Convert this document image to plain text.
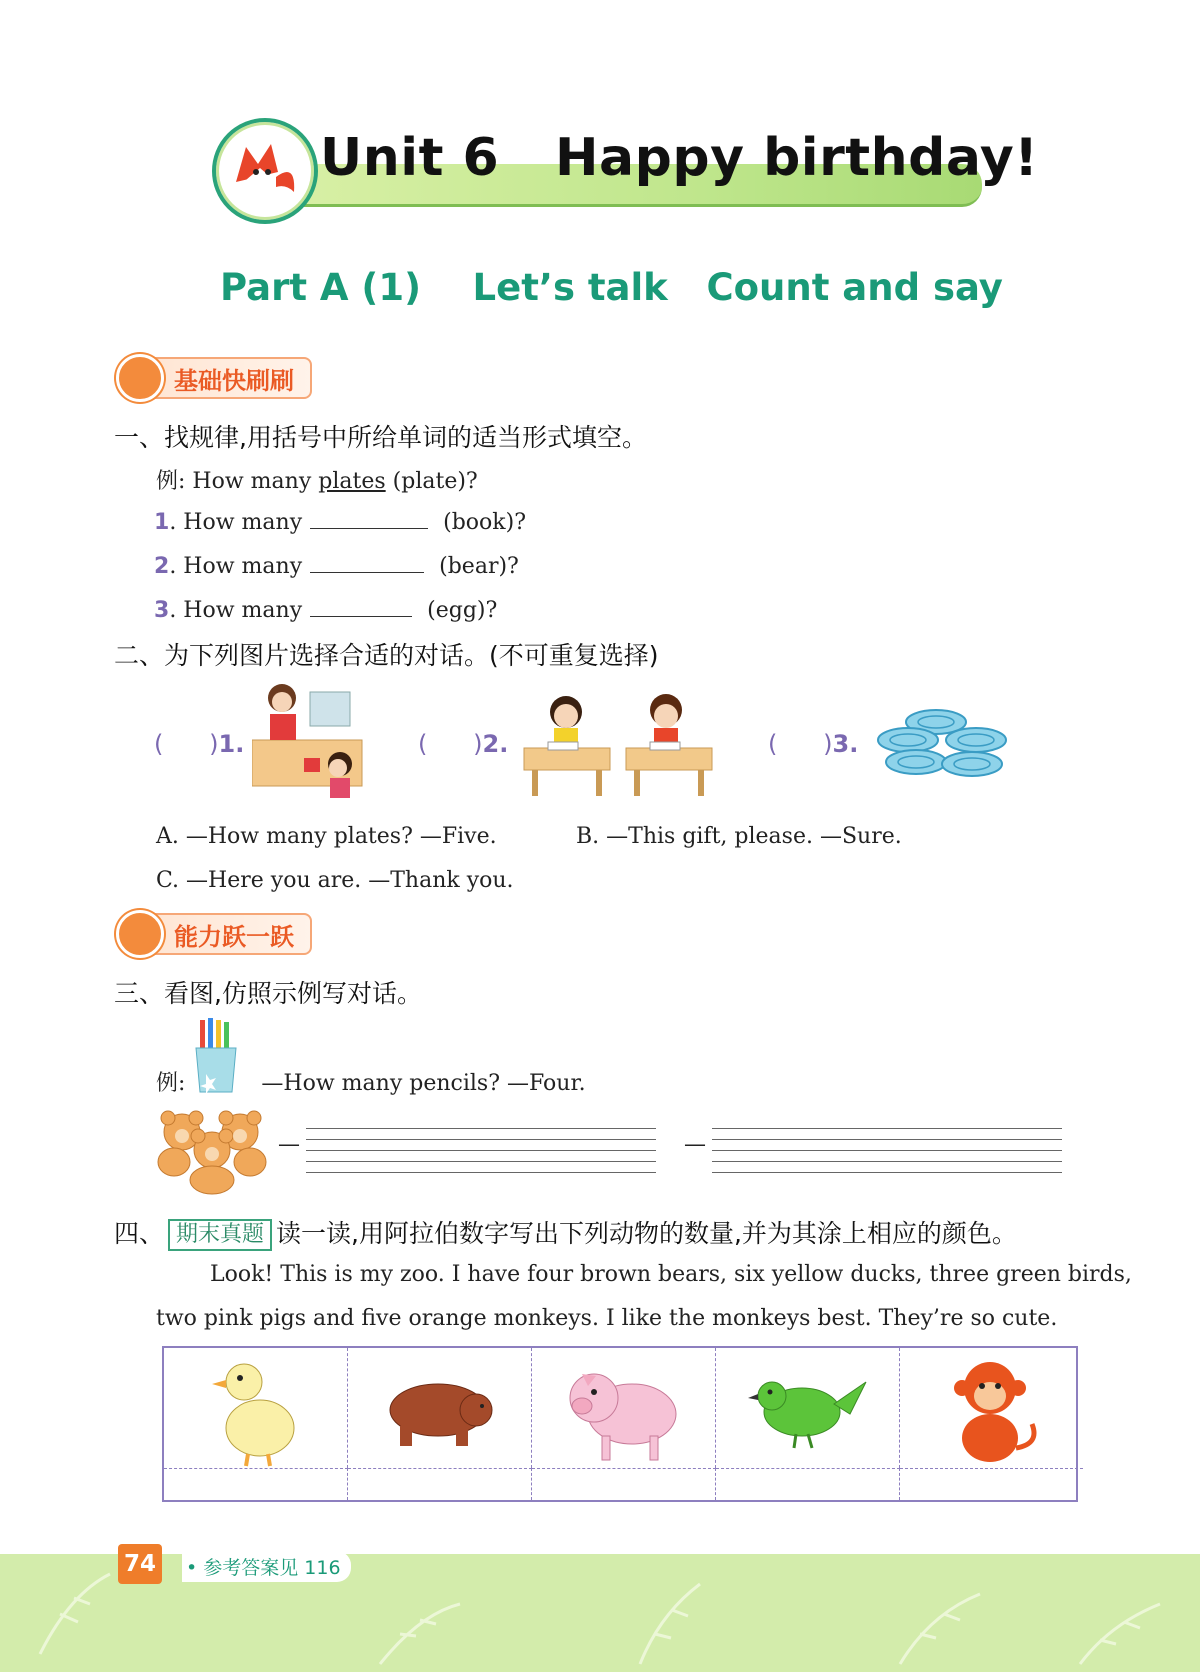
Unit 6 Happy birthday!
Part A (1) Let’s talk Count and say
基础快刷刷
一、找规律,用括号中所给单词的适当形式填空。
例: How many plates (plate)?
1. How many	(book)?
2. How many	(bear)?
3. How many	(egg)?
二、为下列图片选择合适的对话。(不可重复选择)
(      )1.	(      )2.	(      )3.
A. —How many plates? —Five.	B. —This gift, please. —Sure.
C. —Here you are. —Thank you.
能力跃一跃
三、看图,仿照示例写对话。
例:	—How many pencils? —Four.
—	—
四、 期末真题 读一读,用阿拉伯数字写出下列动物的数量,并为其涂上相应的颜色。
Look! This is my zoo. I have four brown bears, six yellow ducks, three green birds,
two pink pigs and five orange monkeys. I like the monkeys best. They’re so cute.
74	• 参考答案见 116
